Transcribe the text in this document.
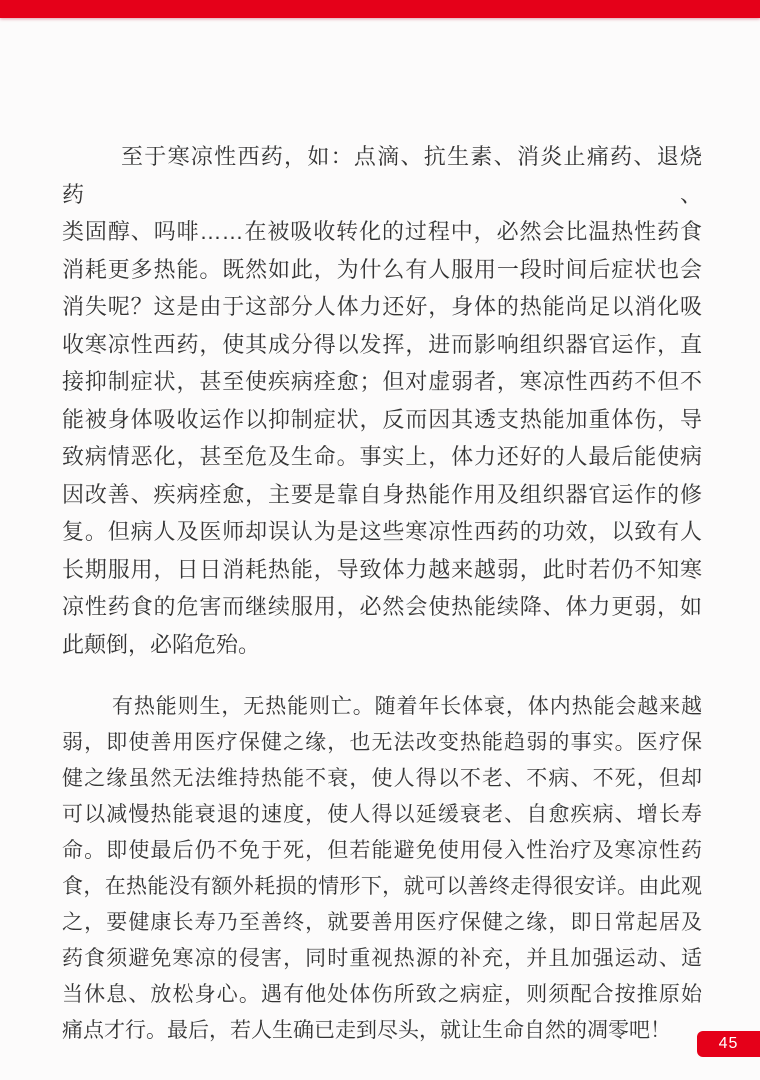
至于寒凉性西药，如：点滴、抗生素、消炎止痛药、退烧药、
类固醇、吗啡……在被吸收转化的过程中，必然会比温热性药食
消耗更多热能。既然如此，为什么有人服用一段时间后症状也会
消失呢？这是由于这部分人体力还好，身体的热能尚足以消化吸
收寒凉性西药，使其成分得以发挥，进而影响组织器官运作，直
接抑制症状，甚至使疾病痊愈；但对虚弱者，寒凉性西药不但不
能被身体吸收运作以抑制症状，反而因其透支热能加重体伤，导
致病情恶化，甚至危及生命。事实上，体力还好的人最后能使病
因改善、疾病痊愈，主要是靠自身热能作用及组织器官运作的修
复。但病人及医师却误认为是这些寒凉性西药的功效，以致有人
长期服用，日日消耗热能，导致体力越来越弱，此时若仍不知寒
凉性药食的危害而继续服用，必然会使热能续降、体力更弱，如
此颠倒，必陷危殆。
有热能则生，无热能则亡。随着年长体衰，体内热能会越来越
弱，即使善用医疗保健之缘，也无法改变热能趋弱的事实。医疗保
健之缘虽然无法维持热能不衰，使人得以不老、不病、不死，但却
可以减慢热能衰退的速度，使人得以延缓衰老、自愈疾病、增长寿
命。即使最后仍不免于死，但若能避免使用侵入性治疗及寒凉性药
食，在热能没有额外耗损的情形下，就可以善终走得很安详。由此观
之，要健康长寿乃至善终，就要善用医疗保健之缘，即日常起居及
药食须避免寒凉的侵害，同时重视热源的补充，并且加强运动、适
当休息、放松身心。遇有他处体伤所致之病症，则须配合按推原始
痛点才行。最后，若人生确已走到尽头，就让生命自然的凋零吧！
45
